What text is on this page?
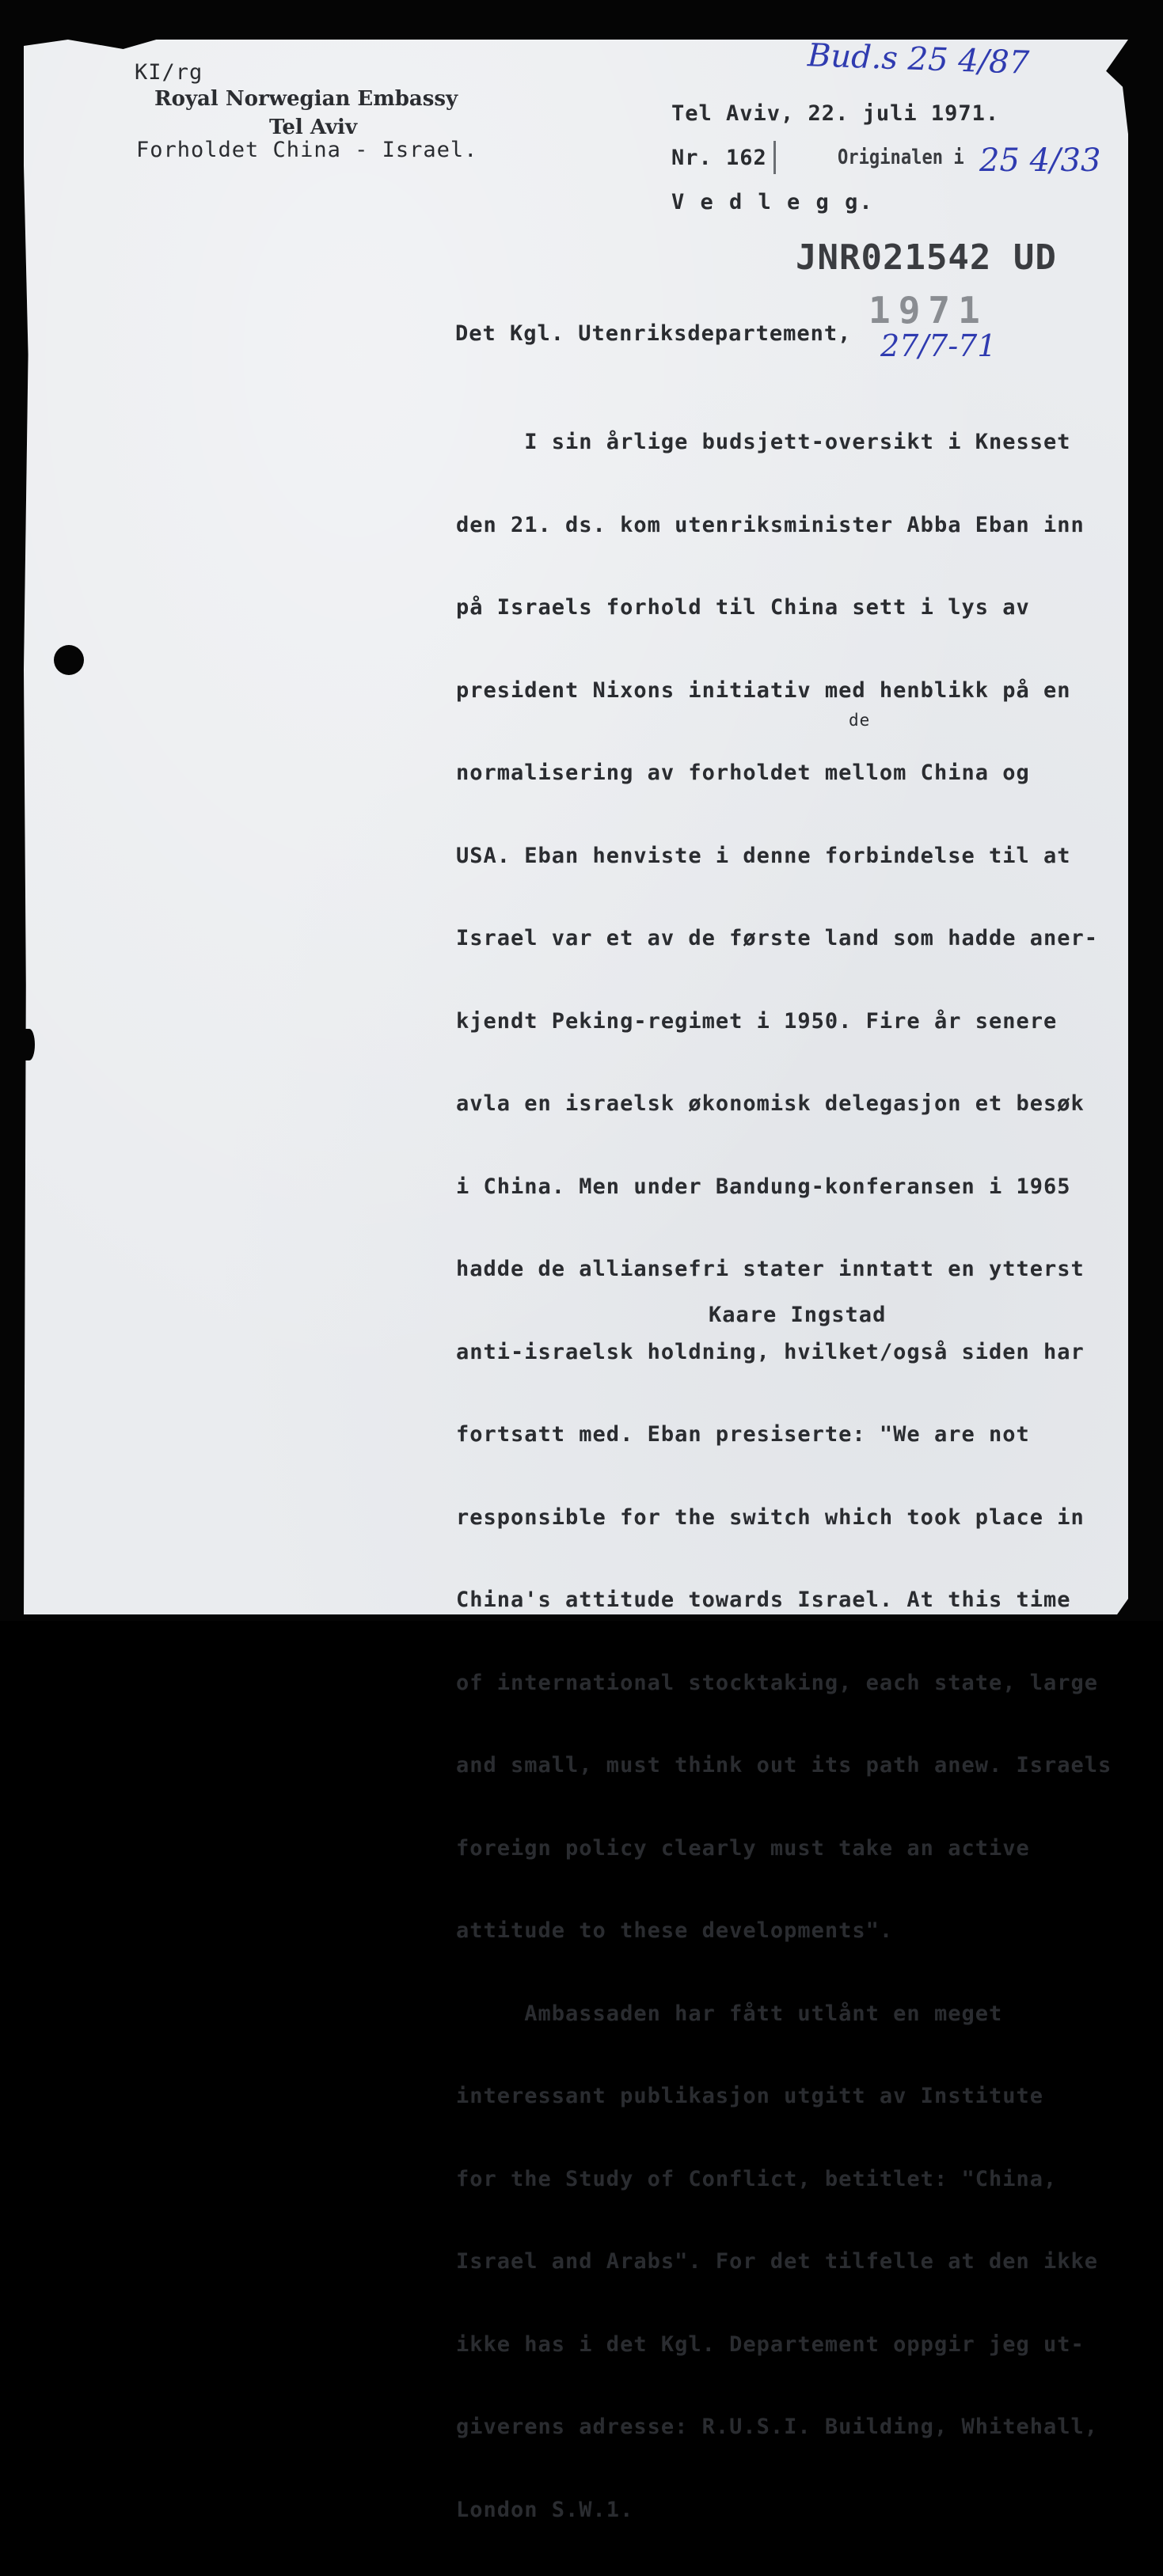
KI/rg
Royal Norwegian Embassy
Tel Aviv
Forholdet China - Israel.
Tel Aviv, 22. juli 1971.
Nr. 162	Originalen i
V e d l e g g.
JNR021542 UD
1971
Bud.s 25 4/87
25 4/33
27/7-71
de
Det Kgl. Utenriksdepartement,

I sin årlige budsjett-oversikt i Knesset

den 21. ds. kom utenriksminister Abba Eban inn

på Israels forhold til China sett i lys av

president Nixons initiativ med henblikk på en

normalisering av forholdet mellom China og

USA. Eban henviste i denne forbindelse til at

Israel var et av de første land som hadde aner-

kjendt Peking-regimet i 1950. Fire år senere

avla en israelsk økonomisk delegasjon et besøk

i China. Men under Bandung-konferansen i 1965

hadde de alliansefri stater inntatt en ytterst

anti-israelsk holdning, hvilket/også siden har

fortsatt med. Eban presiserte: "We are not

responsible for the switch which took place in

China's attitude towards Israel. At this time

of international stocktaking, each state, large

and small, must think out its path anew. Israels

foreign policy clearly must take an active

attitude to these developments".

Ambassaden har fått utlånt en meget

interessant publikasjon utgitt av Institute

for the Study of Conflict, betitlet: "China,

Israel and Arabs". For det tilfelle at den ikke

ikke has i det Kgl. Departement oppgir jeg ut-

giverens adresse: R.U.S.I. Building, Whitehall,

London S.W.1.

Kaare Ingstad
